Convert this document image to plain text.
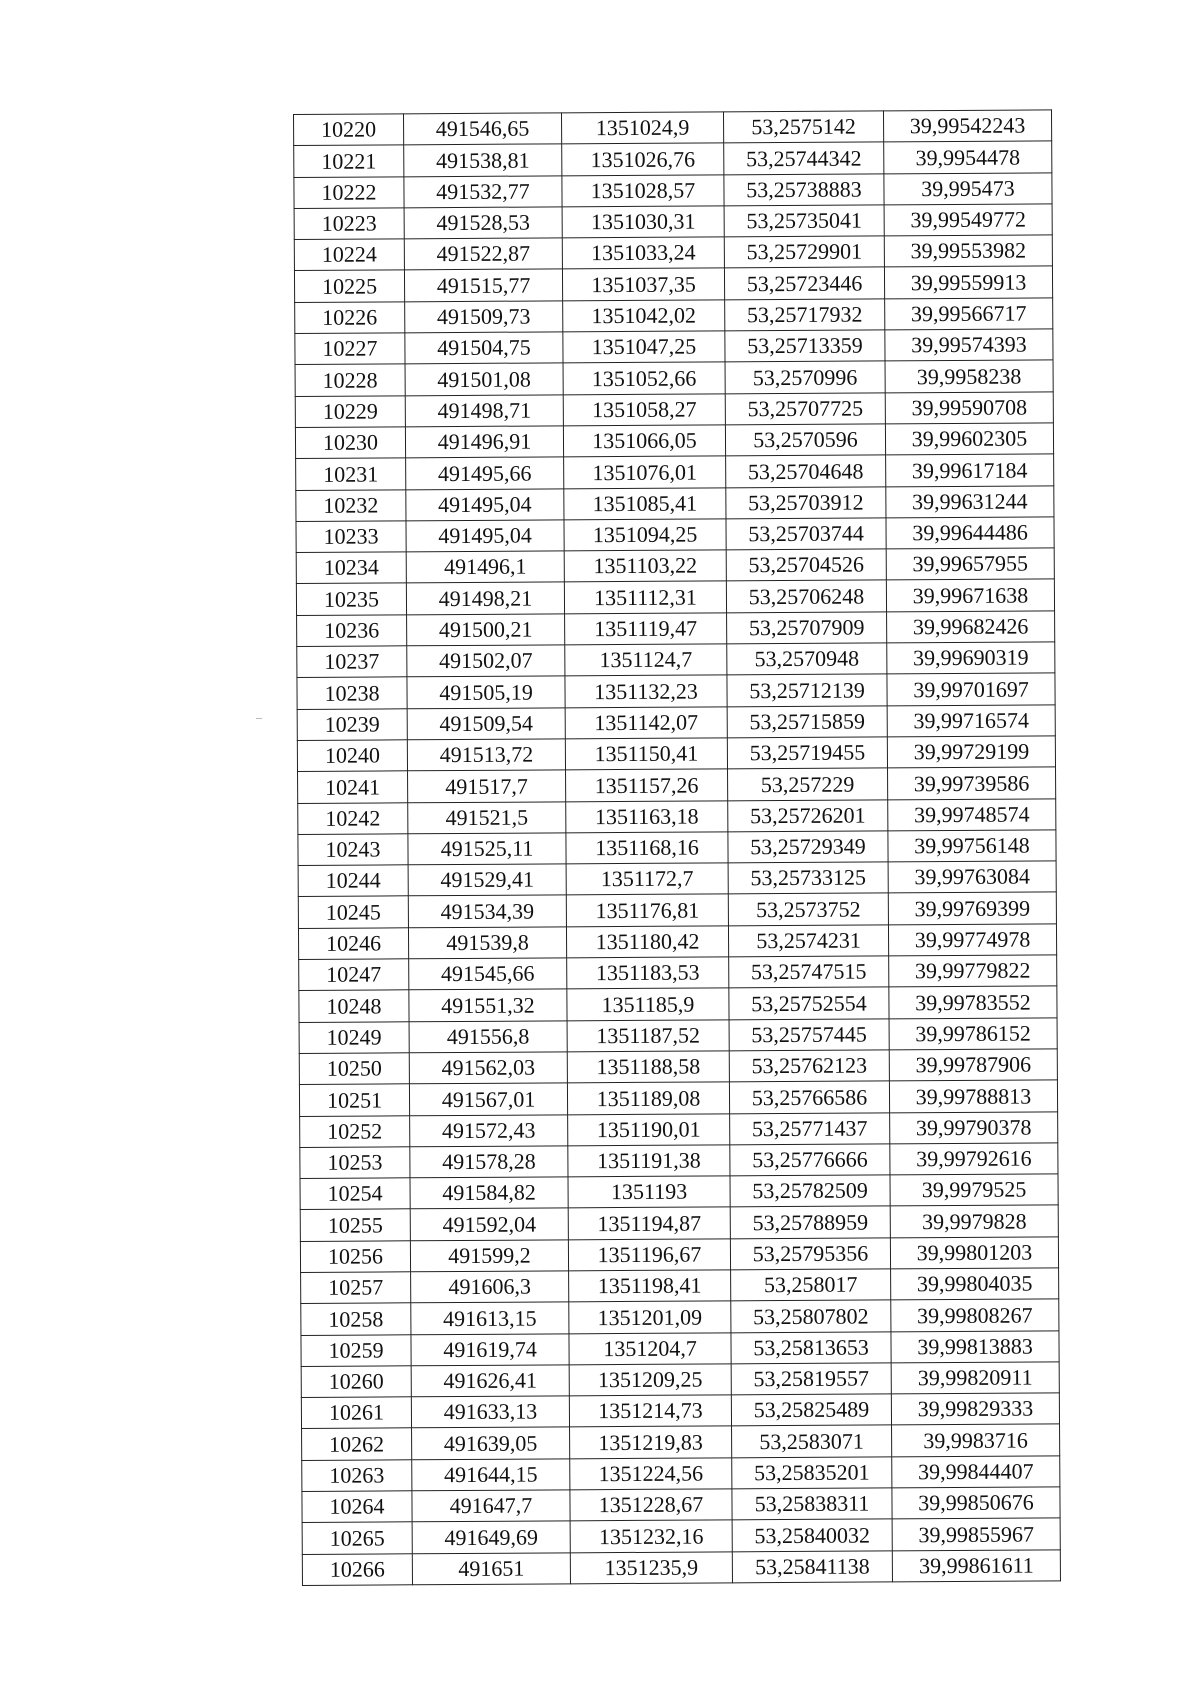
10220	491546,65	1351024,9	53,2575142	39,99542243
10221	491538,81	1351026,76	53,25744342	39,9954478
10222	491532,77	1351028,57	53,25738883	39,995473
10223	491528,53	1351030,31	53,25735041	39,99549772
10224	491522,87	1351033,24	53,25729901	39,99553982
10225	491515,77	1351037,35	53,25723446	39,99559913
10226	491509,73	1351042,02	53,25717932	39,99566717
10227	491504,75	1351047,25	53,25713359	39,99574393
10228	491501,08	1351052,66	53,2570996	39,9958238
10229	491498,71	1351058,27	53,25707725	39,99590708
10230	491496,91	1351066,05	53,2570596	39,99602305
10231	491495,66	1351076,01	53,25704648	39,99617184
10232	491495,04	1351085,41	53,25703912	39,99631244
10233	491495,04	1351094,25	53,25703744	39,99644486
10234	491496,1	1351103,22	53,25704526	39,99657955
10235	491498,21	1351112,31	53,25706248	39,99671638
10236	491500,21	1351119,47	53,25707909	39,99682426
10237	491502,07	1351124,7	53,2570948	39,99690319
10238	491505,19	1351132,23	53,25712139	39,99701697
10239	491509,54	1351142,07	53,25715859	39,99716574
10240	491513,72	1351150,41	53,25719455	39,99729199
10241	491517,7	1351157,26	53,257229	39,99739586
10242	491521,5	1351163,18	53,25726201	39,99748574
10243	491525,11	1351168,16	53,25729349	39,99756148
10244	491529,41	1351172,7	53,25733125	39,99763084
10245	491534,39	1351176,81	53,2573752	39,99769399
10246	491539,8	1351180,42	53,2574231	39,99774978
10247	491545,66	1351183,53	53,25747515	39,99779822
10248	491551,32	1351185,9	53,25752554	39,99783552
10249	491556,8	1351187,52	53,25757445	39,99786152
10250	491562,03	1351188,58	53,25762123	39,99787906
10251	491567,01	1351189,08	53,25766586	39,99788813
10252	491572,43	1351190,01	53,25771437	39,99790378
10253	491578,28	1351191,38	53,25776666	39,99792616
10254	491584,82	1351193	53,25782509	39,9979525
10255	491592,04	1351194,87	53,25788959	39,9979828
10256	491599,2	1351196,67	53,25795356	39,99801203
10257	491606,3	1351198,41	53,258017	39,99804035
10258	491613,15	1351201,09	53,25807802	39,99808267
10259	491619,74	1351204,7	53,25813653	39,99813883
10260	491626,41	1351209,25	53,25819557	39,99820911
10261	491633,13	1351214,73	53,25825489	39,99829333
10262	491639,05	1351219,83	53,2583071	39,9983716
10263	491644,15	1351224,56	53,25835201	39,99844407
10264	491647,7	1351228,67	53,25838311	39,99850676
10265	491649,69	1351232,16	53,25840032	39,99855967
10266	491651	1351235,9	53,25841138	39,99861611
